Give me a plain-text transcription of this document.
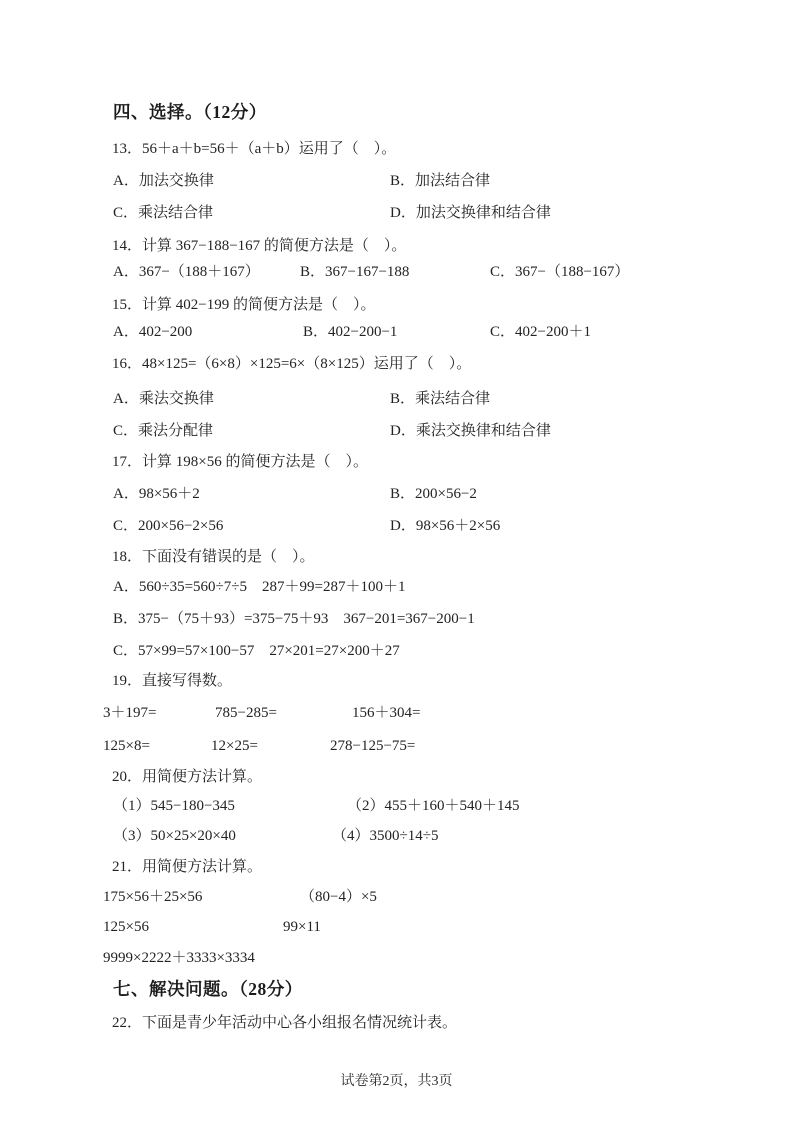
四、选择。（12分）
13．56＋a＋b=56＋（a＋b）运用了（　）。
A．加法交换律	B．加法结合律
C．乘法结合律	D．加法交换律和结合律
14．计算 367−188−167 的简便方法是（　）。
A．367−（188＋167）	B．367−167−188	C．367−（188−167）
15．计算 402−199 的简便方法是（　）。
A．402−200	B．402−200−1	C．402−200＋1
16．48×125=（6×8）×125=6×（8×125）运用了（　）。
A．乘法交换律	B．乘法结合律
C．乘法分配律	D．乘法交换律和结合律
17．计算 198×56 的简便方法是（　）。
A．98×56＋2	B．200×56−2
C．200×56−2×56	D．98×56＋2×56
18．下面没有错误的是（　）。
A．560÷35=560÷7÷5　287＋99=287＋100＋1
B．375−（75＋93）=375−75＋93　367−201=367−200−1
C．57×99=57×100−57　27×201=27×200＋27
19．直接写得数。
3＋197=	785−285=	156＋304=
125×8=	12×25=	278−125−75=
20．用简便方法计算。
（1）545−180−345	（2）455＋160＋540＋145
（3）50×25×20×40	（4）3500÷14÷5
21．用简便方法计算。
175×56＋25×56	（80−4）×5
125×56	99×11
9999×2222＋3333×3334
七、解决问题。（28分）
22．下面是青少年活动中心各小组报名情况统计表。
试卷第2页，共3页
